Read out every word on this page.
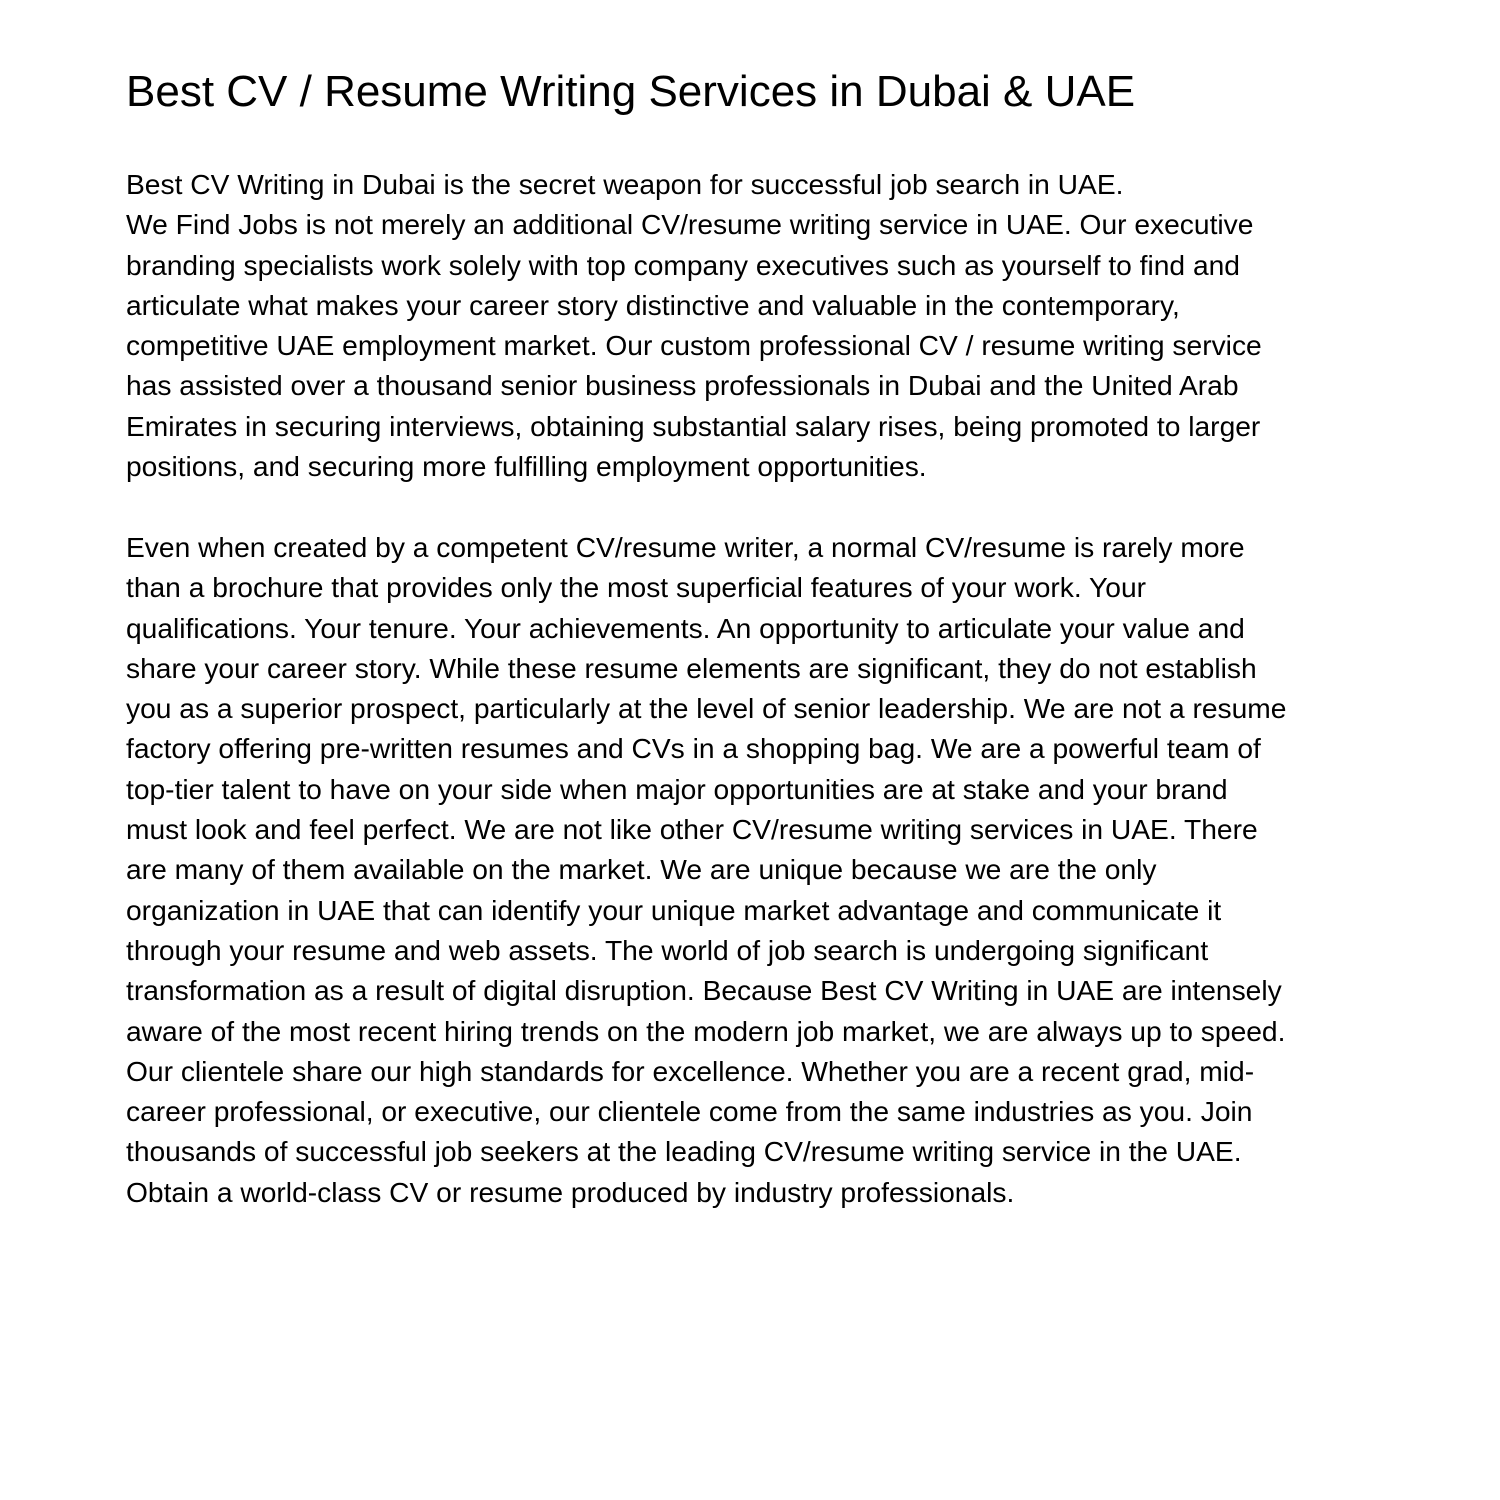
Best CV / Resume Writing Services in Dubai & UAE
Best CV Writing in Dubai is the secret weapon for successful job search in UAE.
We Find Jobs is not merely an additional CV/resume writing service in UAE. Our executive
branding specialists work solely with top company executives such as yourself to find and
articulate what makes your career story distinctive and valuable in the contemporary,
competitive UAE employment market. Our custom professional CV / resume writing service
has assisted over a thousand senior business professionals in Dubai and the United Arab
Emirates in securing interviews, obtaining substantial salary rises, being promoted to larger
positions, and securing more fulfilling employment opportunities.
Even when created by a competent CV/resume writer, a normal CV/resume is rarely more
than a brochure that provides only the most superficial features of your work. Your
qualifications. Your tenure. Your achievements. An opportunity to articulate your value and
share your career story. While these resume elements are significant, they do not establish
you as a superior prospect, particularly at the level of senior leadership. We are not a resume
factory offering pre-written resumes and CVs in a shopping bag. We are a powerful team of
top-tier talent to have on your side when major opportunities are at stake and your brand
must look and feel perfect. We are not like other CV/resume writing services in UAE. There
are many of them available on the market. We are unique because we are the only
organization in UAE that can identify your unique market advantage and communicate it
through your resume and web assets. The world of job search is undergoing significant
transformation as a result of digital disruption. Because Best CV Writing in UAE are intensely
aware of the most recent hiring trends on the modern job market, we are always up to speed.
Our clientele share our high standards for excellence. Whether you are a recent grad, mid-
career professional, or executive, our clientele come from the same industries as you. Join
thousands of successful job seekers at the leading CV/resume writing service in the UAE.
Obtain a world-class CV or resume produced by industry professionals.
